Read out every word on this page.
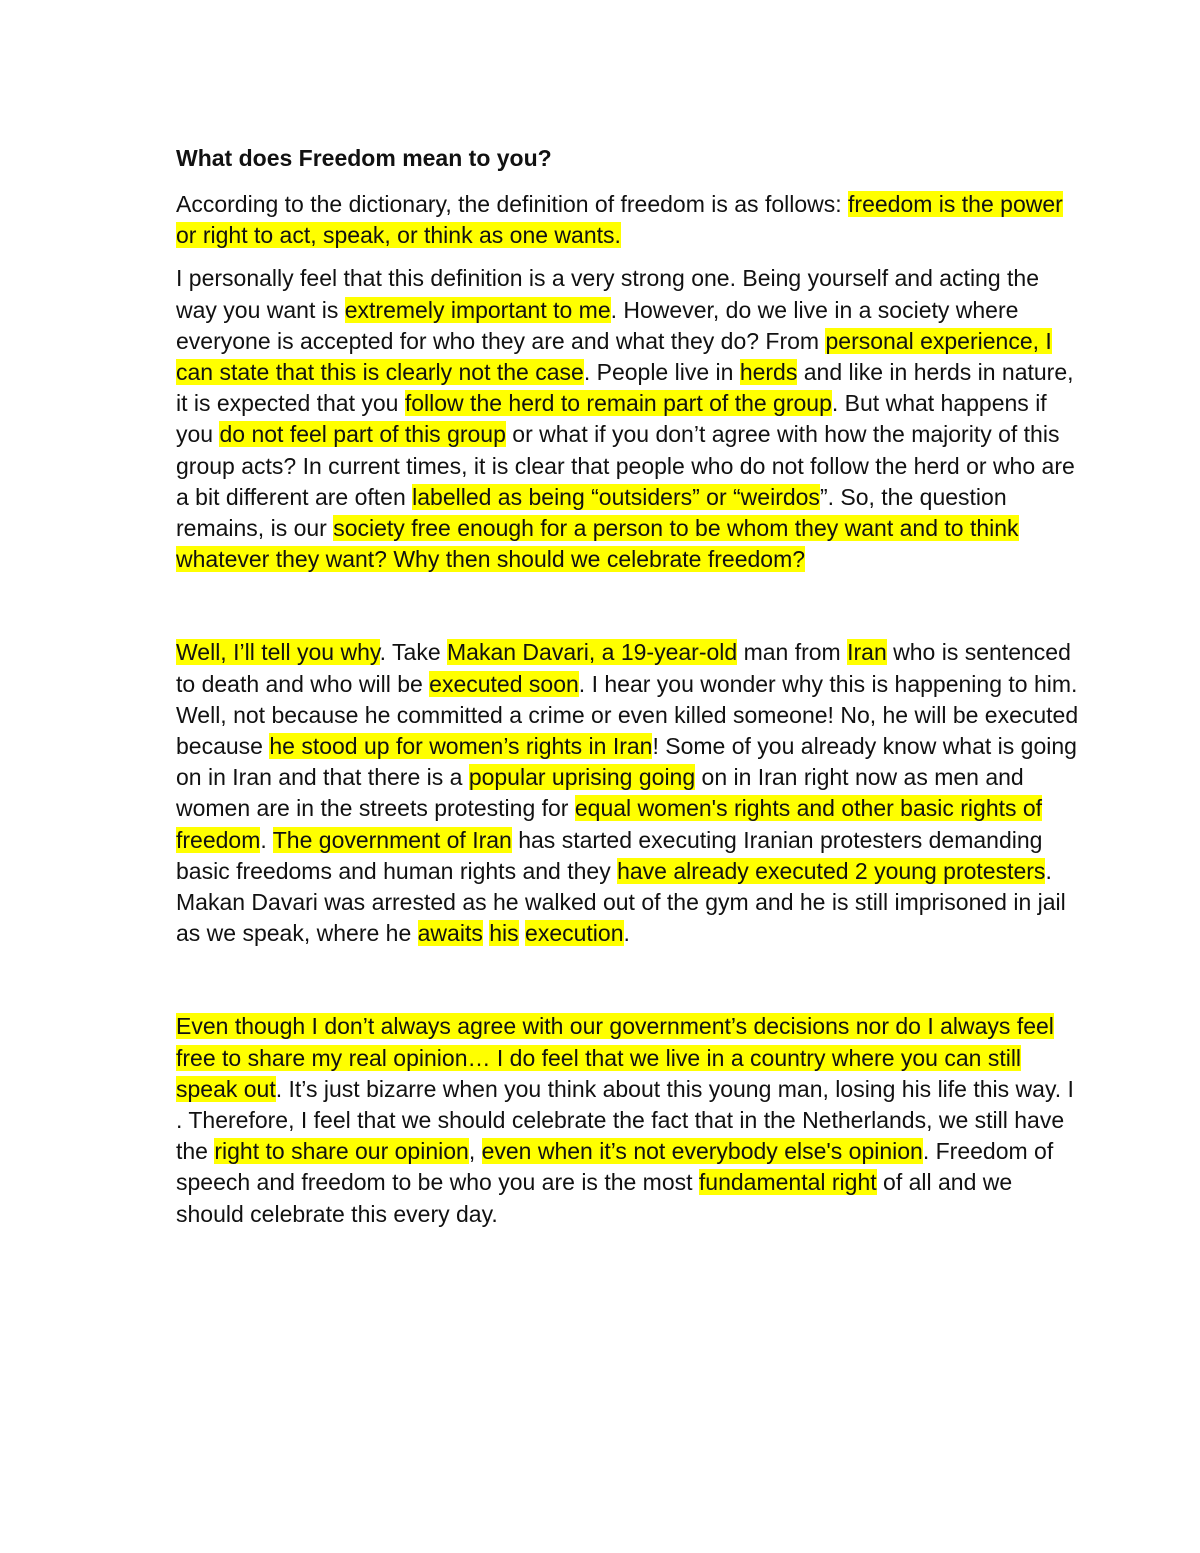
What does Freedom mean to you?

According to the dictionary, the definition of freedom is as follows: freedom is the power or right to act, speak, or think as one wants.

I personally feel that this definition is a very strong one. Being yourself and acting the way you want is extremely important to me. However, do we live in a society where everyone is accepted for who they are and what they do? From personal experience, I can state that this is clearly not the case. People live in herds and like in herds in nature, it is expected that you follow the herd to remain part of the group. But what happens if you do not feel part of this group or what if you don’t agree with how the majority of this group acts? In current times, it is clear that people who do not follow the herd or who are a bit different are often labelled as being “outsiders” or “weirdos”. So, the question remains, is our society free enough for a person to be whom they want and to think whatever they want? Why then should we celebrate freedom?

Well, I’ll tell you why. Take Makan Davari, a 19-year-old man from Iran who is sentenced to death and who will be executed soon. I hear you wonder why this is happening to him. Well, not because he committed a crime or even killed someone! No, he will be executed because he stood up for women’s rights in Iran! Some of you already know what is going on in Iran and that there is a popular uprising going on in Iran right now as men and women are in the streets protesting for equal women's rights and other basic rights of freedom. The government of Iran has started executing Iranian protesters demanding basic freedoms and human rights and they have already executed 2 young protesters. Makan Davari was arrested as he walked out of the gym and he is still imprisoned in jail as we speak, where he awaits his execution.

Even though I don’t always agree with our government’s decisions nor do I always feel free to share my real opinion… I do feel that we live in a country where you can still speak out. It’s just bizarre when you think about this young man, losing his life this way. I . Therefore, I feel that we should celebrate the fact that in the Netherlands, we still have the right to share our opinion, even when it’s not everybody else's opinion. Freedom of speech and freedom to be who you are is the most fundamental right of all and we should celebrate this every day.
